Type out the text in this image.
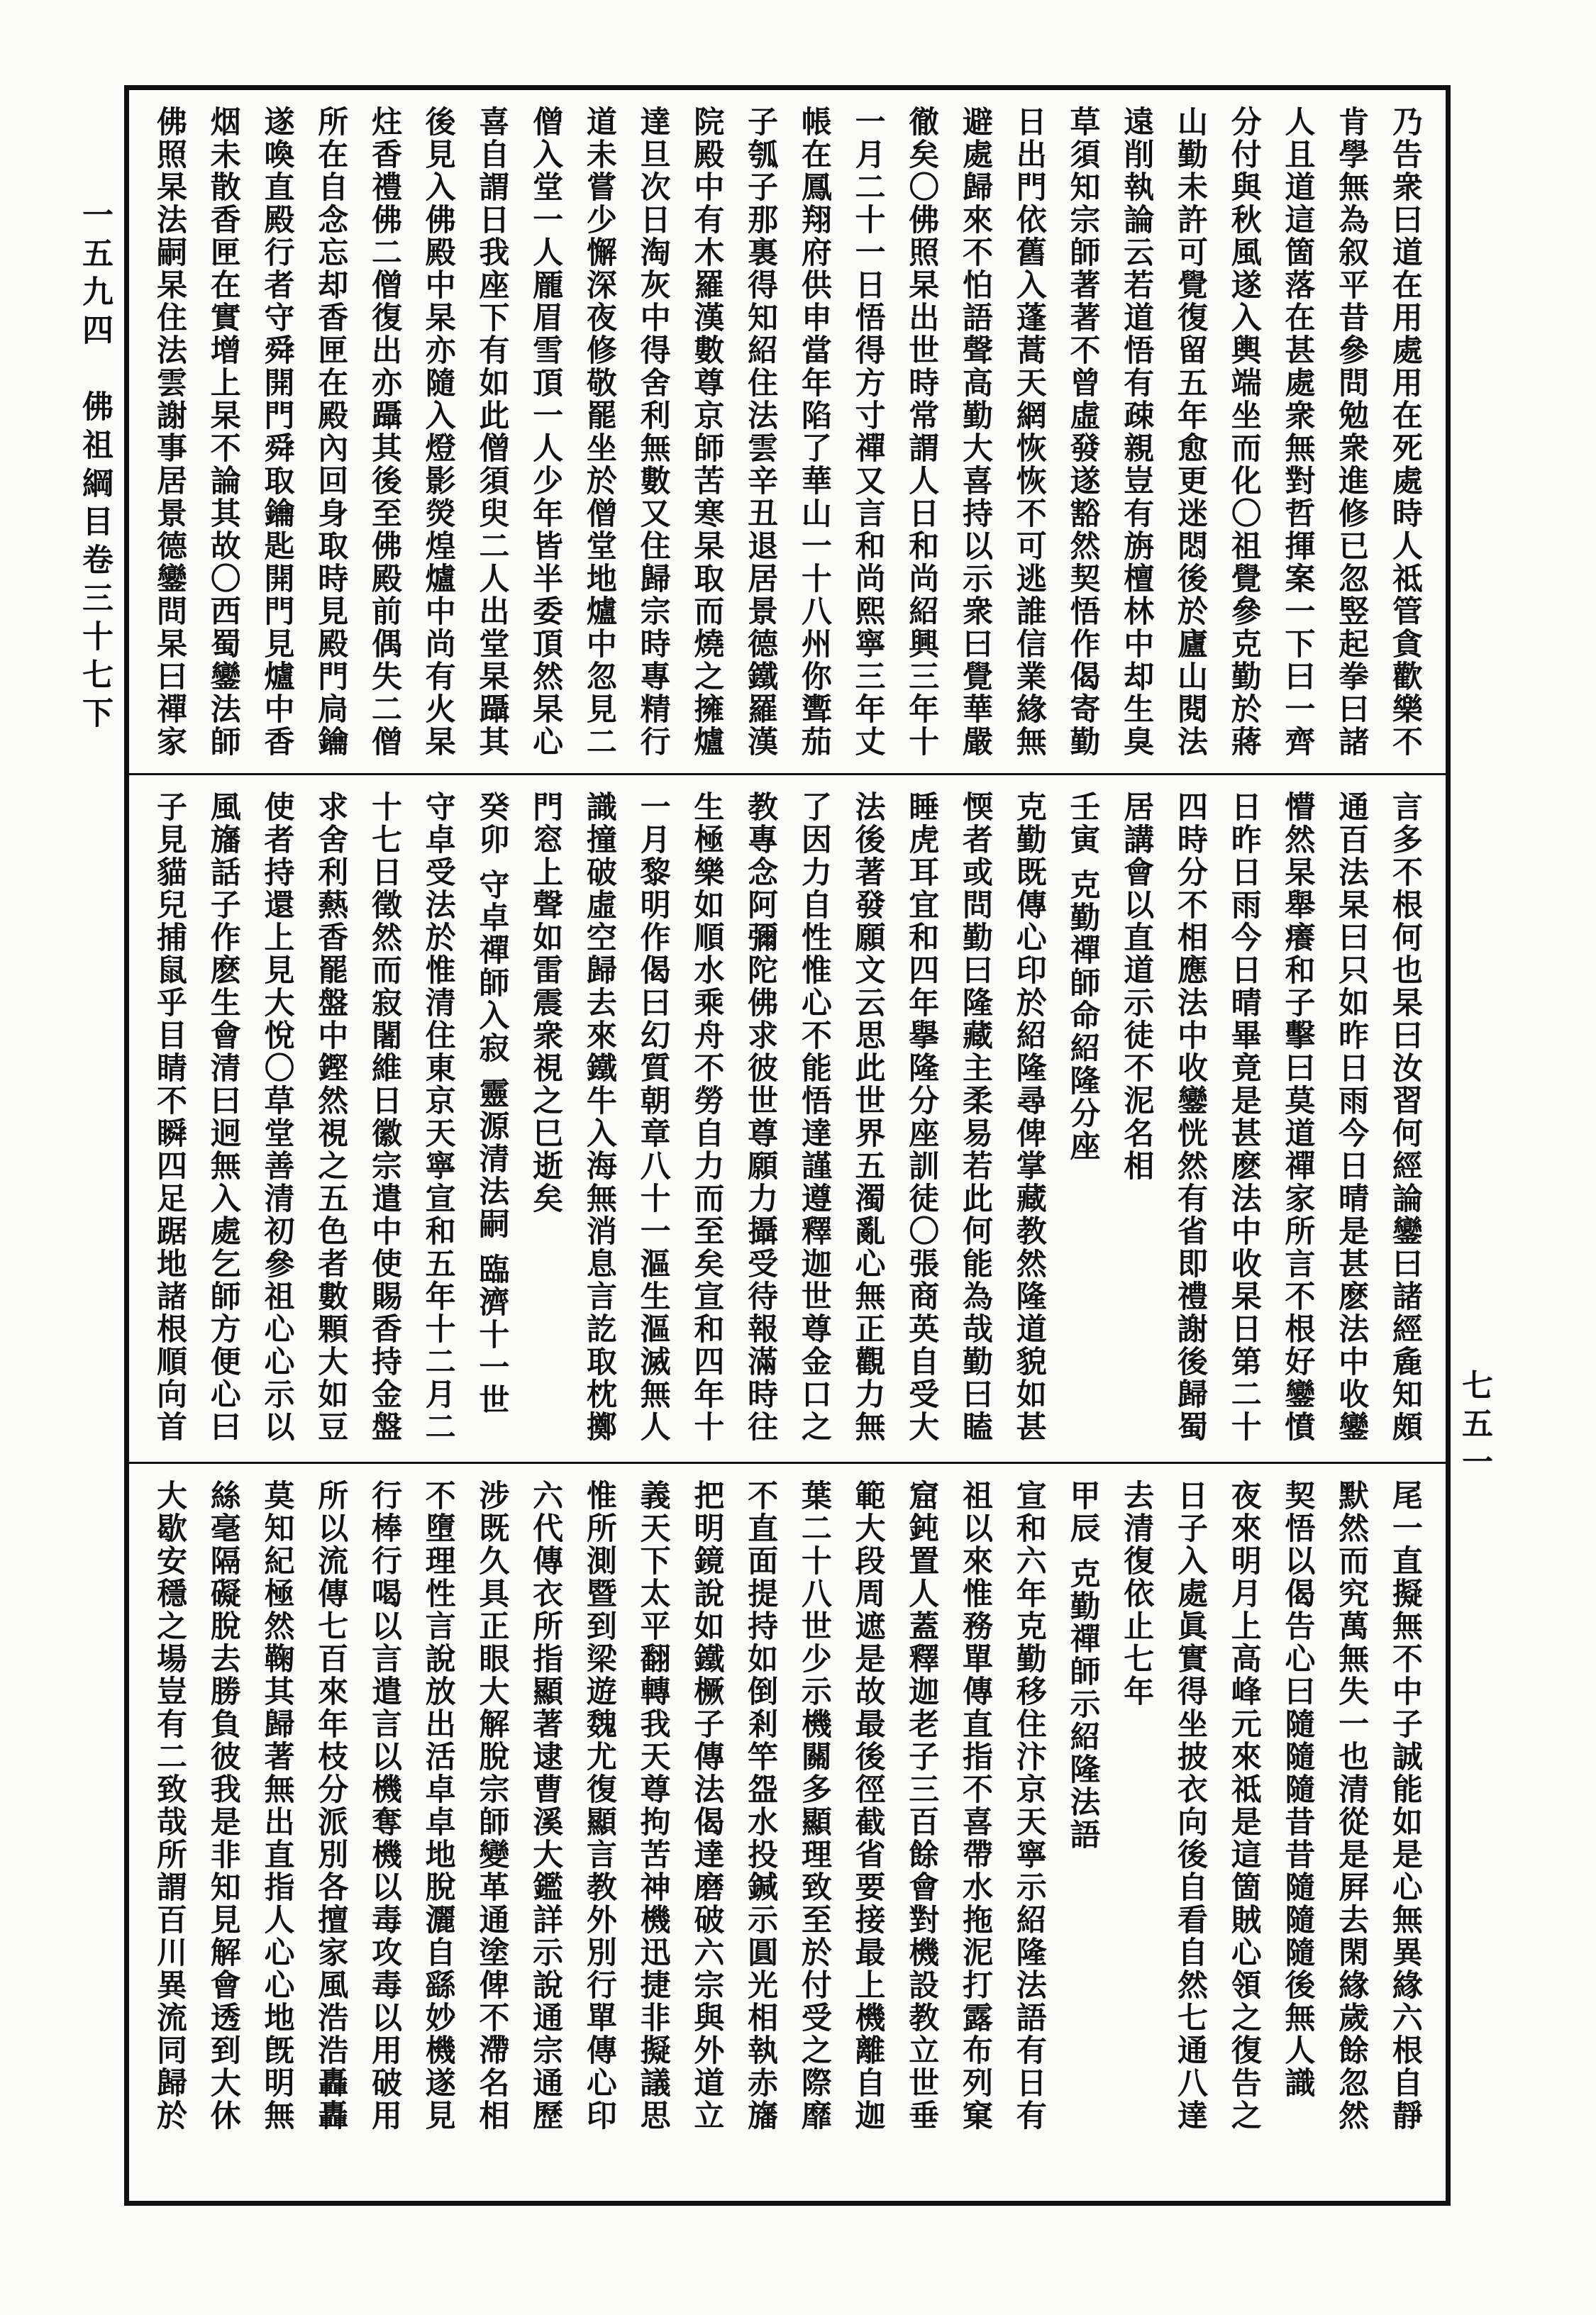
一五九四　佛祖綱目卷三十七下
七五一
乃告衆曰道在用處用在死處時人祗管貪歡樂不
肯學無為叙平昔參問勉衆進修已忽竪起拳曰諸
人且道這箇落在甚處衆無對哲揮案一下曰一齊
分付與秋風遂入輿端坐而化〇祖覺參克勤於蔣
山勤未許可覺復留五年愈更迷悶後於廬山閱法
遠削執論云若道悟有疎親豈有旃檀林中却生臭
草須知宗師著著不曾虛發遂豁然契悟作偈寄勤
日出門依舊入蓬蒿天網恢恢不可逃誰信業緣無
避處歸來不怕語聲高勤大喜持以示衆曰覺華嚴
徹矣〇佛照杲出世時常謂人日和尚紹興三年十
一月二十一日悟得方寸禪又言和尚熙寧三年丈
帳在鳳翔府供申當年陷了華山一十八州你聻茄
子瓠子那裏得知紹住法雲辛丑退居景德鐵羅漢
院殿中有木羅漢數尊京師苦寒杲取而燒之擁爐
達旦次日淘灰中得舍利無數又住歸宗時專精行
道未嘗少懈深夜修敬罷坐於僧堂地爐中忽見二
僧入堂一人龎眉雪頂一人少年皆半委頂然杲心
喜自謂日我座下有如此僧須臾二人出堂杲躡其
後見入佛殿中杲亦隨入燈影熒煌爐中尚有火杲
炷香禮佛二僧復出亦躡其後至佛殿前偶失二僧
所在自念忘却香匣在殿內回身取時見殿門扃鑰
遂喚直殿行者守舜開門舜取鑰匙開門見爐中香
烟未散香匣在實增上杲不論其故〇西蜀鑾法師
佛照杲法嗣杲住法雲謝事居景德鑾問杲曰禪家
言多不根何也杲曰汝習何經論鑾曰諸經麁知頗
通百法杲曰只如昨日雨今日晴是甚麽法中收鑾
懵然杲舉癢和子擊曰莫道禪家所言不根好鑾憤
日昨日雨今日晴畢竟是甚麽法中收杲日第二十
四時分不相應法中收鑾恍然有省即禮謝後歸蜀
居講會以直道示徒不泥名相
壬寅 克勤禪師命紹隆分座
克勤既傳心印於紹隆尋俾掌藏教然隆道貌如甚
愞者或問勤曰隆藏主柔易若此何能為哉勤曰瞌
睡虎耳宜和四年擧隆分座訓徒〇張商英自受大
法後著發願文云思此世界五濁亂心無正觀力無
了因力自性惟心不能悟達謹遵釋迦世尊金口之
教專念阿彌陀佛求彼世尊願力攝受待報滿時往
生極樂如順水乘舟不勞自力而至矣宣和四年十
一月黎明作偈曰幻質朝章八十一漚生漚滅無人
識撞破虛空歸去來鐵牛入海無消息言訖取枕擲
門窓上聲如雷震衆視之巳逝矣
癸卯 守卓禪師入寂 靈源清法嗣 臨濟十一世
守卓受法於惟清住東京天寧宣和五年十二月二
十七日徵然而寂闍維日徽宗遣中使賜香持金盤
求舍利爇香罷盤中鏗然視之五色者數顆大如豆
使者持還上見大悅〇草堂善清初參祖心心示以
風旛話子作麽生會清曰迥無入處乞師方便心曰
子見貓兒捕鼠乎目睛不瞬四足踞地諸根順向首
尾一直擬無不中子誠能如是心無異緣六根自靜
默然而究萬無失一也清從是屛去閑緣歲餘忽然
契悟以偈告心曰隨隨隨昔昔隨隨隨後無人識
夜來明月上高峰元來祗是這箇賊心領之復告之
日子入處眞實得坐披衣向後自看自然七通八達
去清復依止七年
甲辰 克勤禪師示紹隆法語
宣和六年克勤移住汴京天寧示紹隆法語有日有
祖以來惟務單傳直指不喜帶水拖泥打露布列窠
窟鈍置人蓋釋迦老子三百餘會對機設教立世垂
範大段周遮是故最後徑截省要接最上機離自迦
葉二十八世少示機關多顯理致至於付受之際靡
不直面提持如倒剎竿盌水投鍼示圓光相執赤旛
把明鏡說如鐵橛子傳法偈達磨破六宗與外道立
義天下太平翻轉我天尊拘苦神機迅捷非擬議思
惟所測暨到梁遊魏尤復顯言教外別行單傳心印
六代傳衣所指顯著逮曹溪大鑑詳示說通宗通歷
涉既久具正眼大解脫宗師變革通塗俾不滯名相
不墮理性言說放出活卓卓地脫灑自繇妙機遂見
行棒行喝以言遣言以機奪機以毒攻毒以用破用
所以流傳七百來年枝分派別各擅家風浩浩轟轟
莫知紀極然鞠其歸著無出直指人心心地旣明無
絲毫隔礙脫去勝負彼我是非知見解會透到大休
大歇安穩之場豈有二致哉所謂百川異流同歸於
